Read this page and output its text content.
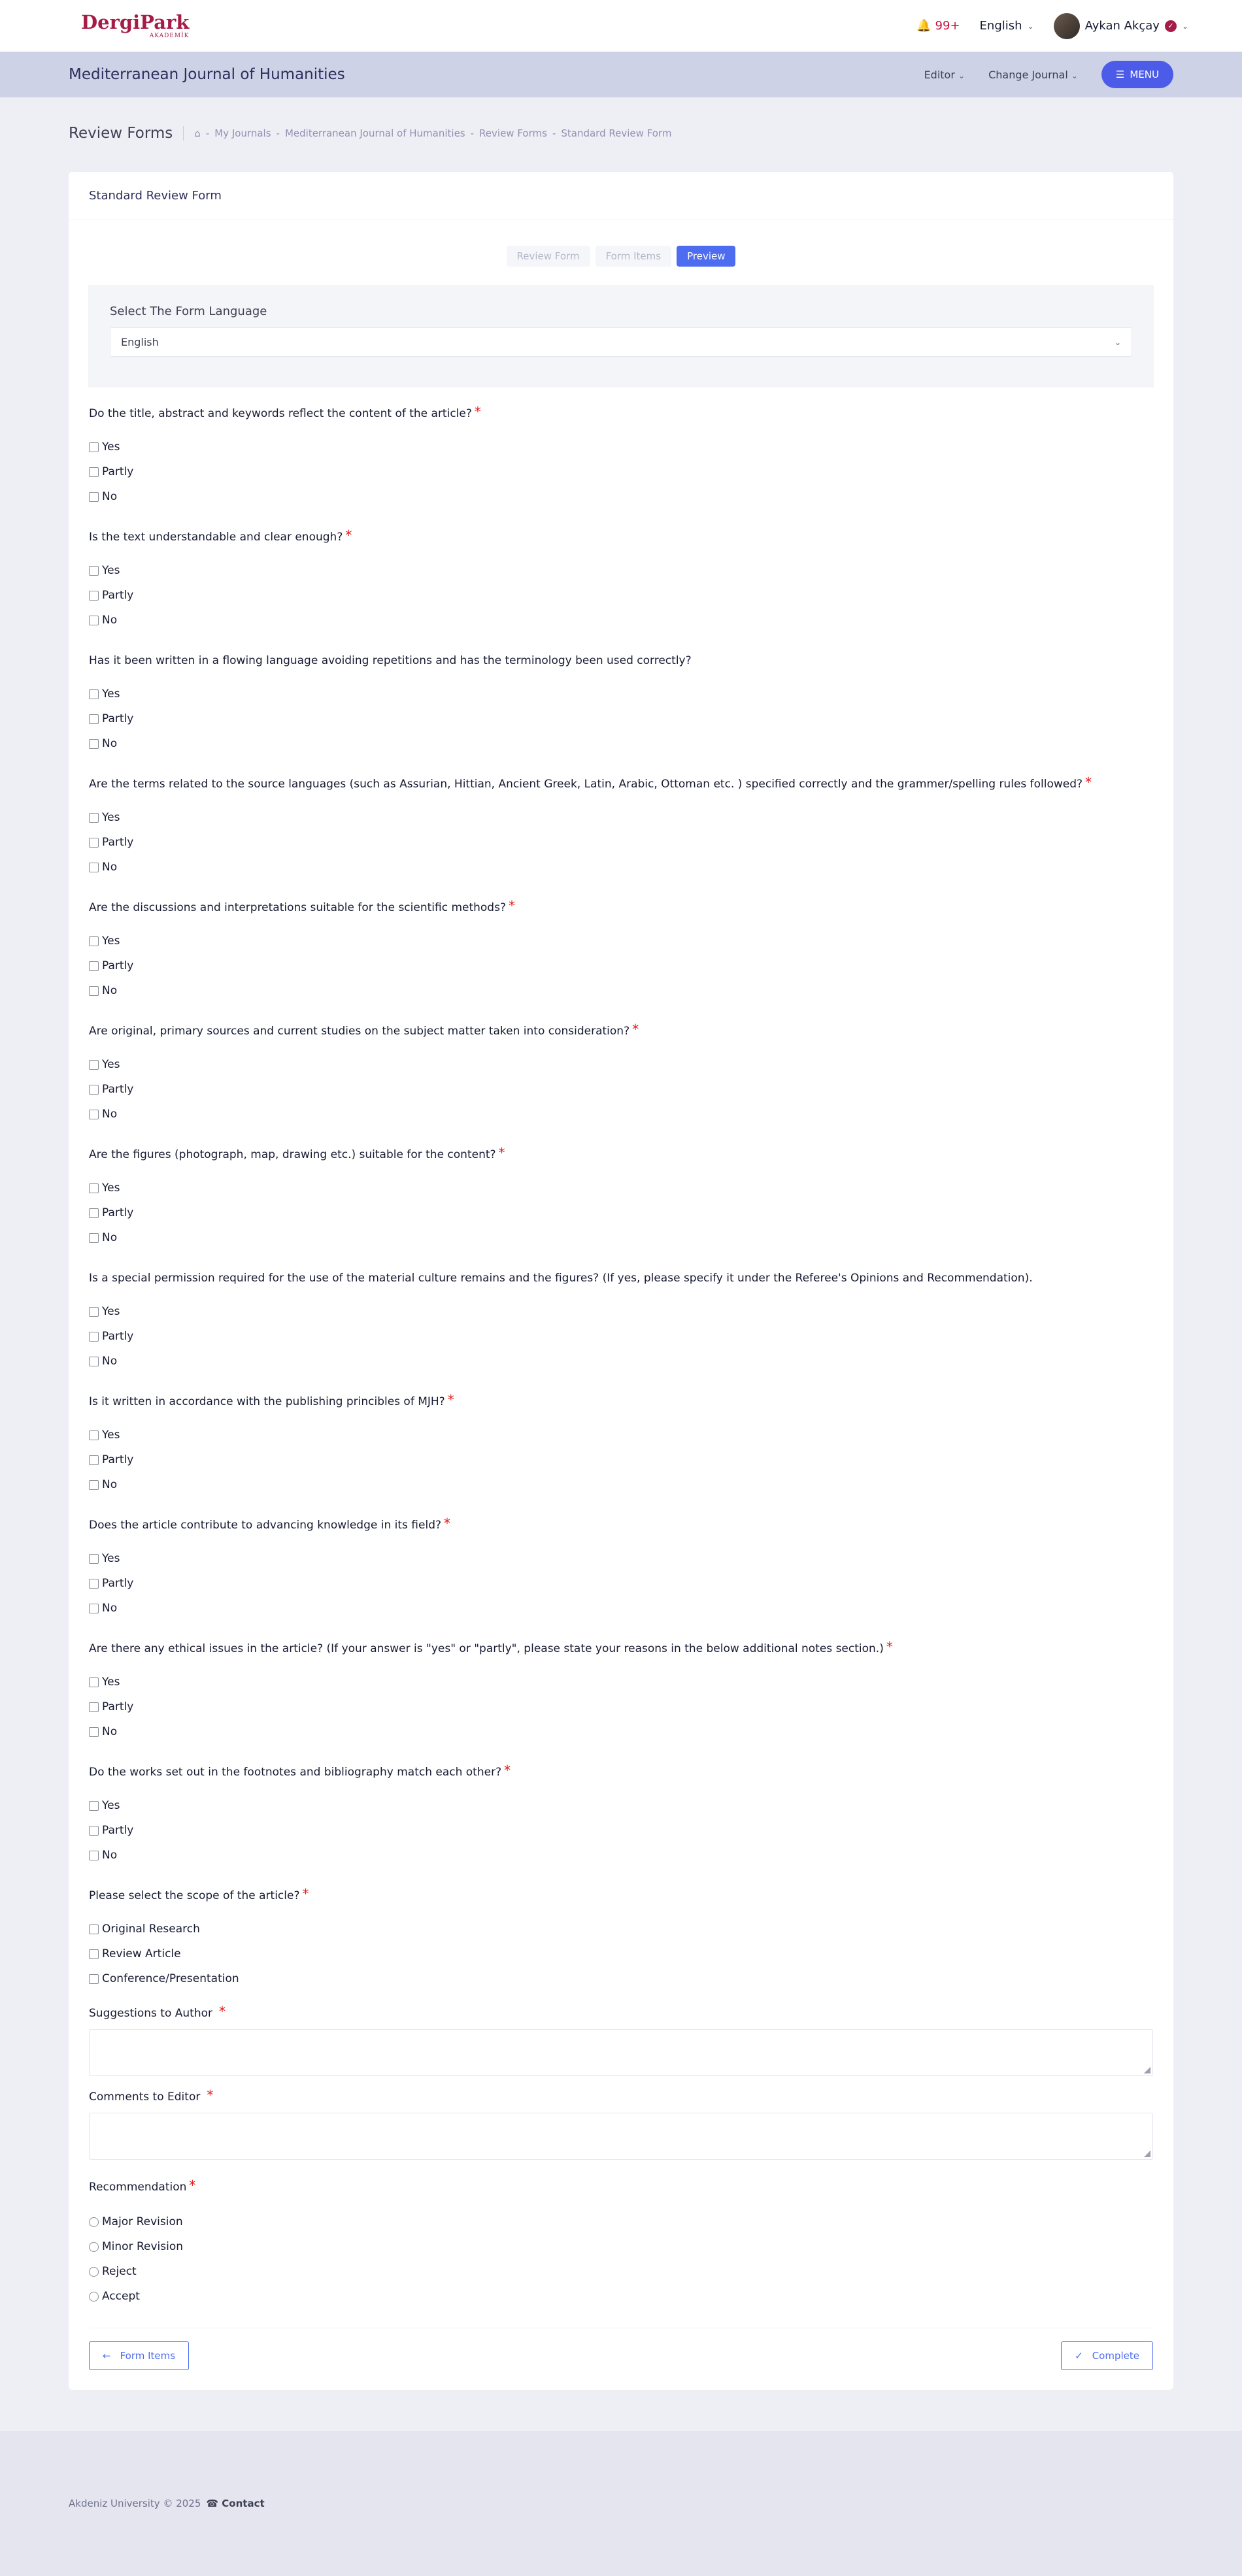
DergiPark
AKADEMİK
🔔 99+ English ⌄	Aykan Akçay	✓	⌄
Mediterranean Journal of Humanities	Editor ⌄ Change Journal ⌄	☰ MENU
Review Forms ⌂ - My Journals - Mediterranean Journal of Humanities - Review Forms - Standard Review Form
Standard Review Form
Review Form	Form Items	Preview
Select The Form Language
English	⌄
Do the title, abstract and keywords reflect the content of the article? *
Yes
Partly
No
Is the text understandable and clear enough? *
Yes
Partly
No
Has it been written in a flowing language avoiding repetitions and has the terminology been used correctly?
Yes
Partly
No
Are the terms related to the source languages (such as Assurian, Hittian, Ancient Greek, Latin, Arabic, Ottoman etc. ) specified correctly and the grammer/spelling rules followed? *
Yes
Partly
No
Are the discussions and interpretations suitable for the scientific methods? *
Yes
Partly
No
Are original, primary sources and current studies on the subject matter taken into consideration? *
Yes
Partly
No
Are the figures (photograph, map, drawing etc.) suitable for the content? *
Yes
Partly
No
Is a special permission required for the use of the material culture remains and the figures? (If yes, please specify it under the Referee's Opinions and Recommendation).
Yes
Partly
No
Is it written in accordance with the publishing princibles of MJH? *
Yes
Partly
No
Does the article contribute to advancing knowledge in its field? *
Yes
Partly
No
Are there any ethical issues in the article? (If your answer is "yes" or "partly", please state your reasons in the below additional notes section.) *
Yes
Partly
No
Do the works set out in the footnotes and bibliography match each other? *
Yes
Partly
No
Please select the scope of the article? *
Original Research
Review Article
Conference/Presentation
Suggestions to Author *
Comments to Editor *
Recommendation *
Major Revision
Minor Revision
Reject
Accept
← Form Items	✓ Complete
Akdeniz University © 2025 ☎ Contact
